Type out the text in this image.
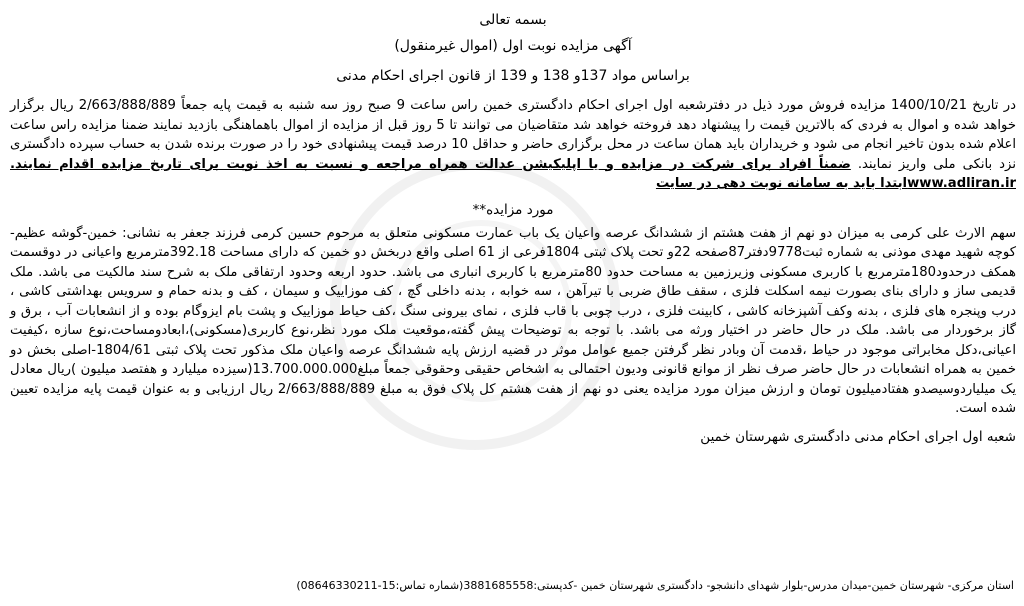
بسمه تعالی

آگهی مزایده نوبت اول (اموال غیرمنقول)

براساس مواد 137و 138 و 139 از قانون اجرای احکام مدنی

در تاریخ 1400/10/21 مزایده فروش مورد ذیل در دفترشعبه اول اجرای احکام دادگستری خمین راس ساعت 9 صبح روز سه شنبه به قیمت پایه جمعاً 2/663/888/889 ریال برگزار خواهد شده و اموال به فردی که بالاترین قیمت را پیشنهاد دهد فروخته خواهد شد متقاضیان می توانند تا 5 روز قبل از مزایده از اموال باهماهنگی بازدید نمایند ضمنا مزایده راس ساعت اعلام شده بدون تاخیر انجام می شود و خریداران باید همان ساعت در محل برگزاری حاضر و حداقل 10 درصد قیمت پیشنهادی خود را در صورت برنده شدن به حساب سپرده دادگستری نزد بانکی ملی واریز نمایند. ضمناً افراد برای شرکت در مزایده و یا اپلیکیشن عدالت همراه مراجعه و نسبت به اخذ نوبت برای تاریخ مزایده اقدام نمایند. www.adliran.irابتدا باید به سامانه نوبت دهی در سایت

مورد مزایده**

سهم الارث علی کرمی به میزان دو نهم از هفت هشتم از ششدانگ عرصه واعیان یک باب عمارت مسکونی متعلق به مرحوم حسین کرمی فرزند جعفر به نشانی: خمین-گوشه عظیم-کوچه شهید مهدی موذنی به شماره ثبت9778دفتر87صفحه 22و تحت پلاک ثبتی 1804فرعی از 61 اصلی واقع دربخش دو خمین که دارای مساحت 392.18مترمربع واعیانی در دوقسمت همکف درحدود180مترمربع با کاربری مسکونی وزیرزمین به مساحت حدود 80مترمربع با کاربری انباری می باشد. حدود اربعه وحدود ارتفاقی ملک به شرح سند مالکیت می باشد. ملک قدیمی ساز و دارای بنای بصورت نیمه اسکلت فلزی ، سقف طاق ضربی با تیرآهن ، سه خوابه ، بدنه داخلی گچ ، کف موزاییک و سیمان ، کف و بدنه حمام و سرویس بهداشتی کاشی ، درب وپنجره های فلزی ، بدنه وکف آشپزخانه کاشی ، کابینت فلزی ، درب چوبی با قاب فلزی ، نمای بیرونی سنگ ،کف حیاط موزاییک و پشت بام ایزوگام بوده و از انشعابات آب ، برق و گاز برخوردار می باشد. ملک در حال حاضر در اختیار ورثه می باشد. با توجه به توضیحات پیش گفته،موقعیت ملک مورد نظر،نوع کاربری(مسکونی)،ابعادومساحت،نوع سازه ،کیفیت اعیانی،دکل مخابراتی موجود در حیاط ،قدمت آن وبادر نظر گرفتن جمیع عوامل موثر در قضیه ارزش پایه ششدانگ عرصه واعیان ملک مذکور تحت پلاک ثبتی 1804/61-اصلی بخش دو خمین به همراه انشعابات در حال حاضر صرف نظر از موانع قانونی ودیون احتمالی به اشخاص حقیقی وحقوقی جمعاً مبلغ13.700.000.000(سیزده میلیارد و هفتصد میلیون )ریال معادل یک میلیاردوسیصدو هفتادمیلیون تومان و ارزش میزان مورد مزایده یعنی دو نهم از هفت هشتم کل پلاک فوق به مبلغ 2/663/888/889 ریال ارزیابی و به عنوان قیمت پایه مزایده تعیین شده است.

شعبه اول اجرای احکام مدنی دادگستری شهرستان خمین

استان مرکزی- شهرستان خمین-میدان مدرس-بلوار شهدای دانشجو- دادگستری شهرستان خمین -کدپستی:3881685558(شماره تماس:15-08646330211)
